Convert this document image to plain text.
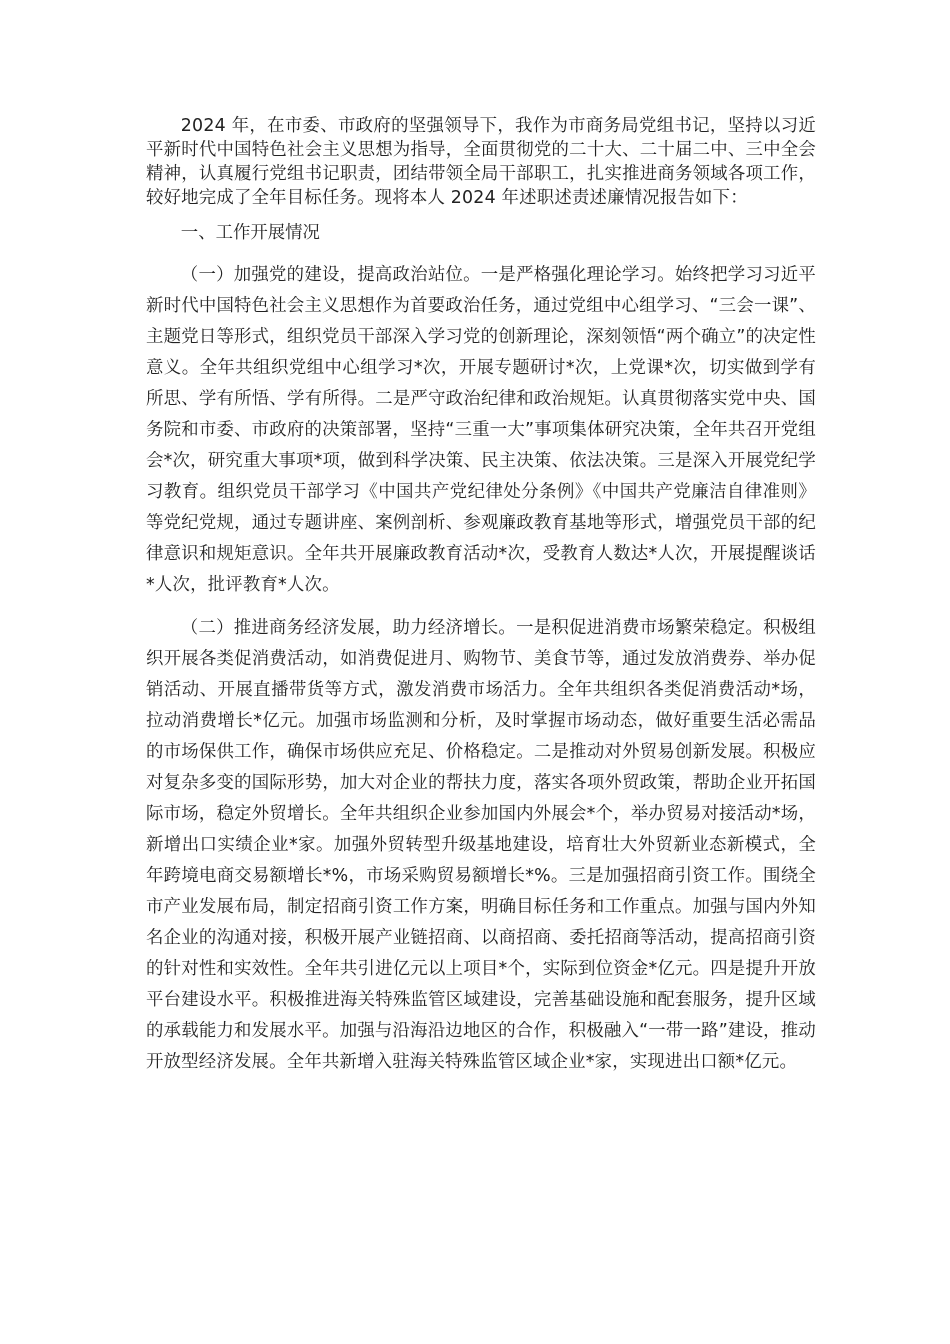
2024 年，在市委、市政府的坚强领导下，我作为市商务局党组书记，坚持以习近平新时代中国特色社会主义思想为指导，全面贯彻党的二十大、二十届二中、三中全会精神，认真履行党组书记职责，团结带领全局干部职工，扎实推进商务领域各项工作，较好地完成了全年目标任务。现将本人 2024 年述职述责述廉情况报告如下：

一、工作开展情况

（一）加强党的建设，提高政治站位。一是严格强化理论学习。始终把学习习近平新时代中国特色社会主义思想作为首要政治任务，通过党组中心组学习、“三会一课”、主题党日等形式，组织党员干部深入学习党的创新理论，深刻领悟“两个确立”的决定性意义。全年共组织党组中心组学习*次，开展专题研讨*次，上党课*次，切实做到学有所思、学有所悟、学有所得。二是严守政治纪律和政治规矩。认真贯彻落实党中央、国务院和市委、市政府的决策部署，坚持“三重一大”事项集体研究决策，全年共召开党组会*次，研究重大事项*项，做到科学决策、民主决策、依法决策。三是深入开展党纪学习教育。组织党员干部学习《中国共产党纪律处分条例》《中国共产党廉洁自律准则》等党纪党规，通过专题讲座、案例剖析、参观廉政教育基地等形式，增强党员干部的纪律意识和规矩意识。全年共开展廉政教育活动*次，受教育人数达*人次，开展提醒谈话*人次，批评教育*人次。

（二）推进商务经济发展，助力经济增长。一是积促进消费市场繁荣稳定。积极组织开展各类促消费活动，如消费促进月、购物节、美食节等，通过发放消费券、举办促销活动、开展直播带货等方式，激发消费市场活力。全年共组织各类促消费活动*场，拉动消费增长*亿元。加强市场监测和分析，及时掌握市场动态，做好重要生活必需品的市场保供工作，确保市场供应充足、价格稳定。二是推动对外贸易创新发展。积极应对复杂多变的国际形势，加大对企业的帮扶力度，落实各项外贸政策，帮助企业开拓国际市场，稳定外贸增长。全年共组织企业参加国内外展会*个，举办贸易对接活动*场，新增出口实绩企业*家。加强外贸转型升级基地建设，培育壮大外贸新业态新模式，全年跨境电商交易额增长*%，市场采购贸易额增长*%。三是加强招商引资工作。围绕全市产业发展布局，制定招商引资工作方案，明确目标任务和工作重点。加强与国内外知名企业的沟通对接，积极开展产业链招商、以商招商、委托招商等活动，提高招商引资的针对性和实效性。全年共引进亿元以上项目*个，实际到位资金*亿元。四是提升开放平台建设水平。积极推进海关特殊监管区域建设，完善基础设施和配套服务，提升区域的承载能力和发展水平。加强与沿海沿边地区的合作，积极融入“一带一路”建设，推动开放型经济发展。全年共新增入驻海关特殊监管区域企业*家，实现进出口额*亿元。
